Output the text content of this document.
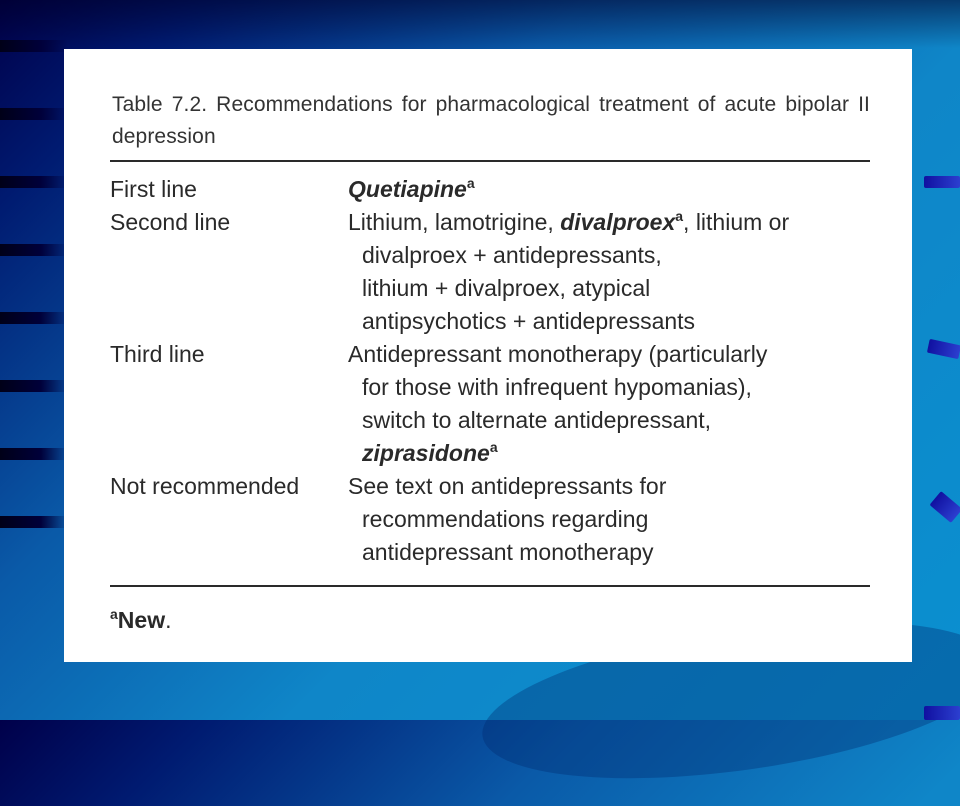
Table 7.2. Recommendations for pharmacological treatment of acute bipolar II depression
First line	Quetiapine$^a$
Second line	Lithium, lamotrigine, divalproex$^a$, lithium or
divalproex + antidepressants,
lithium + divalproex, atypical
antipsychotics + antidepressants
Third line	Antidepressant monotherapy (particularly
for those with infrequent hypomanias),
switch to alternate antidepressant,
ziprasidone$^a$
Not recommended	See text on antidepressants for
recommendations regarding
antidepressant monotherapy
$^a$New.
